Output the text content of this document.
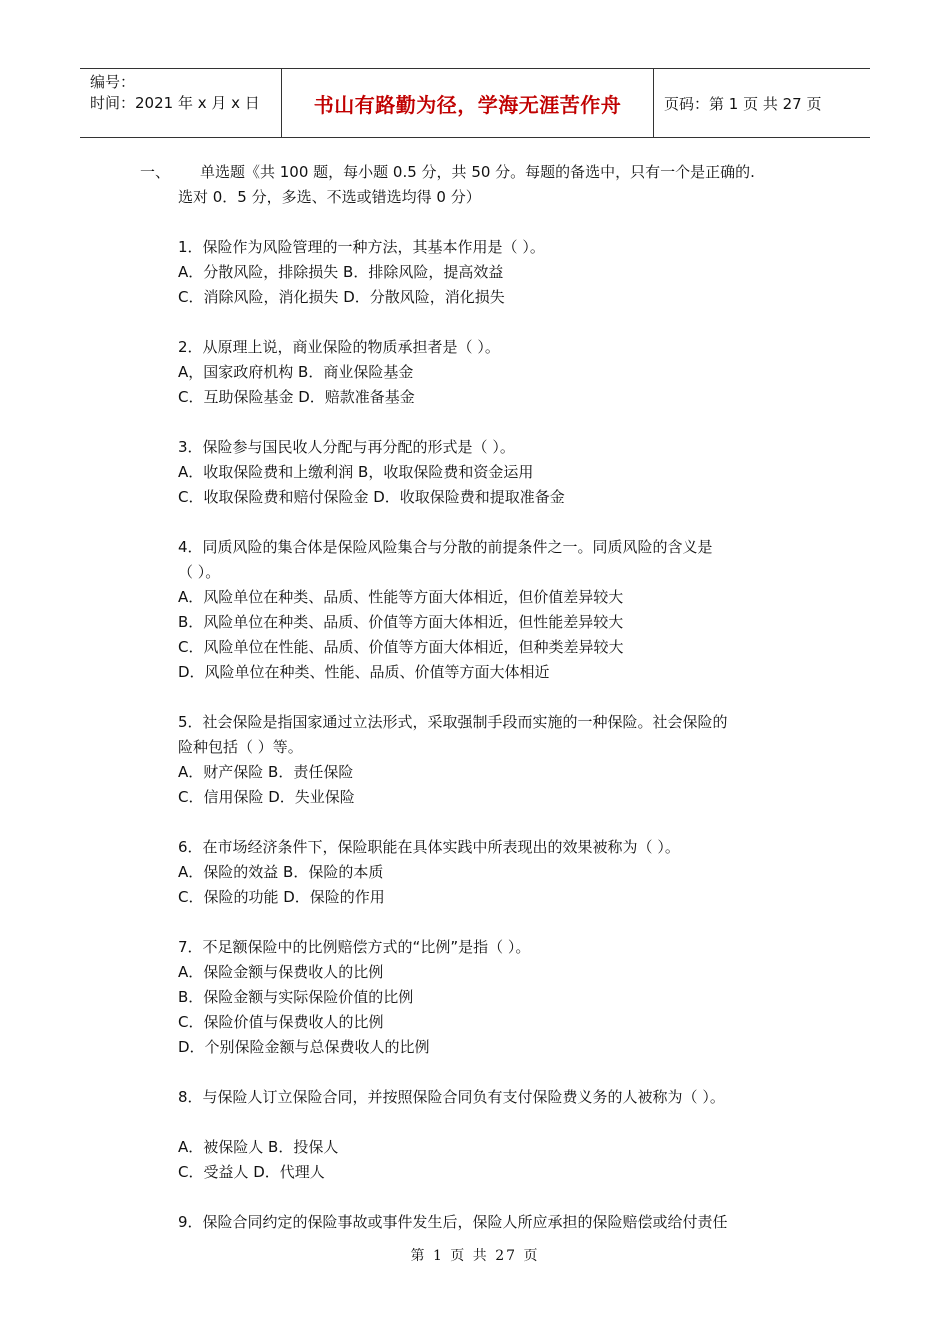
编号：
时间：2021 年 x 月 x 日	书山有路勤为径，学海无涯苦作舟	页码：第 1 页 共 27 页
一、	单选题《共 100 题，每小题 0.5 分，共 50 分。每题的备选中，只有一个是正确的.
选对 0．5 分，多选、不选或错选均得 0 分）

1．保险作为风险管理的一种方法，其基本作用是（ ）。

A．分散风险，排除损失 B．排除风险，提高效益

C．消除风险，消化损失 D．分散风险，消化损失

2．从原理上说，商业保险的物质承担者是（ ）。

A，国家政府机构 B．商业保险基金

C．互助保险基金 D．赔款准备基金

3．保险参与国民收人分配与再分配的形式是（ ）。

A．收取保险费和上缴利润 B，收取保险费和资金运用

C．收取保险费和赔付保险金 D．收取保险费和提取准备金

4．同质风险的集合体是保险风险集合与分散的前提条件之一。同质风险的含义是

（ ）。

A．风险单位在种类、品质、性能等方面大体相近，但价值差异较大

B．风险单位在种类、品质、价值等方面大体相近，但性能差异较大

C．风险单位在性能、品质、价值等方面大体相近，但种类差异较大

D．风险单位在种类、性能、品质、价值等方面大体相近

5．社会保险是指国家通过立法形式，采取强制手段而实施的一种保险。社会保险的

险种包括（ ）等。

A．财产保险 B．责任保险

C．信用保险 D．失业保险

6．在市场经济条件下，保险职能在具体实践中所表现出的效果被称为（ ）。

A．保险的效益 B．保险的本质

C．保险的功能 D．保险的作用

7．不足额保险中的比例赔偿方式的“比例”是指（ ）。

A．保险金额与保费收人的比例

B．保险金额与实际保险价值的比例

C．保险价值与保费收人的比例

D．个别保险金额与总保费收人的比例

8．与保险人订立保险合同，并按照保险合同负有支付保险费义务的人被称为（ ）。

A．被保险人 B．投保人

C．受益人 D．代理人

9．保险合同约定的保险事故或事件发生后，保险人所应承担的保险赔偿或给付责任

第 1 页 共 27 页
